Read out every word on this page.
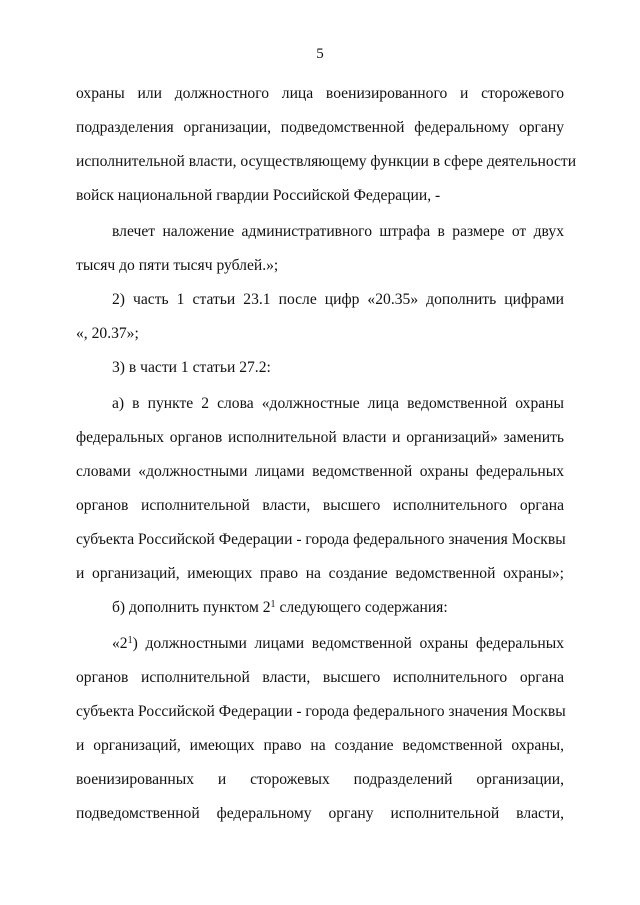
5
охраны или должностного лица военизированного и сторожевого
подразделения организации, подведомственной федеральному органу
исполнительной власти, осуществляющему функции в сфере деятельности
войск национальной гвардии Российской Федерации, -
влечет наложение административного штрафа в размере от двух
тысяч до пяти тысяч рублей.»;
2) часть 1 статьи 23.1 после цифр «20.35» дополнить цифрами
«, 20.37»;
3) в части 1 статьи 27.2:
а) в пункте 2 слова «должностные лица ведомственной охраны
федеральных органов исполнительной власти и организаций» заменить
словами «должностными лицами ведомственной охраны федеральных
органов исполнительной власти, высшего исполнительного органа
субъекта Российской Федерации - города федерального значения Москвы
и организаций, имеющих право на создание ведомственной охраны»;
б) дополнить пунктом $2^1$ следующего содержания:
«$2^1$) должностными лицами ведомственной охраны федеральных
органов исполнительной власти, высшего исполнительного органа
субъекта Российской Федерации - города федерального значения Москвы
и организаций, имеющих право на создание ведомственной охраны,
военизированных и сторожевых подразделений организации,
подведомственной федеральному органу исполнительной власти,
